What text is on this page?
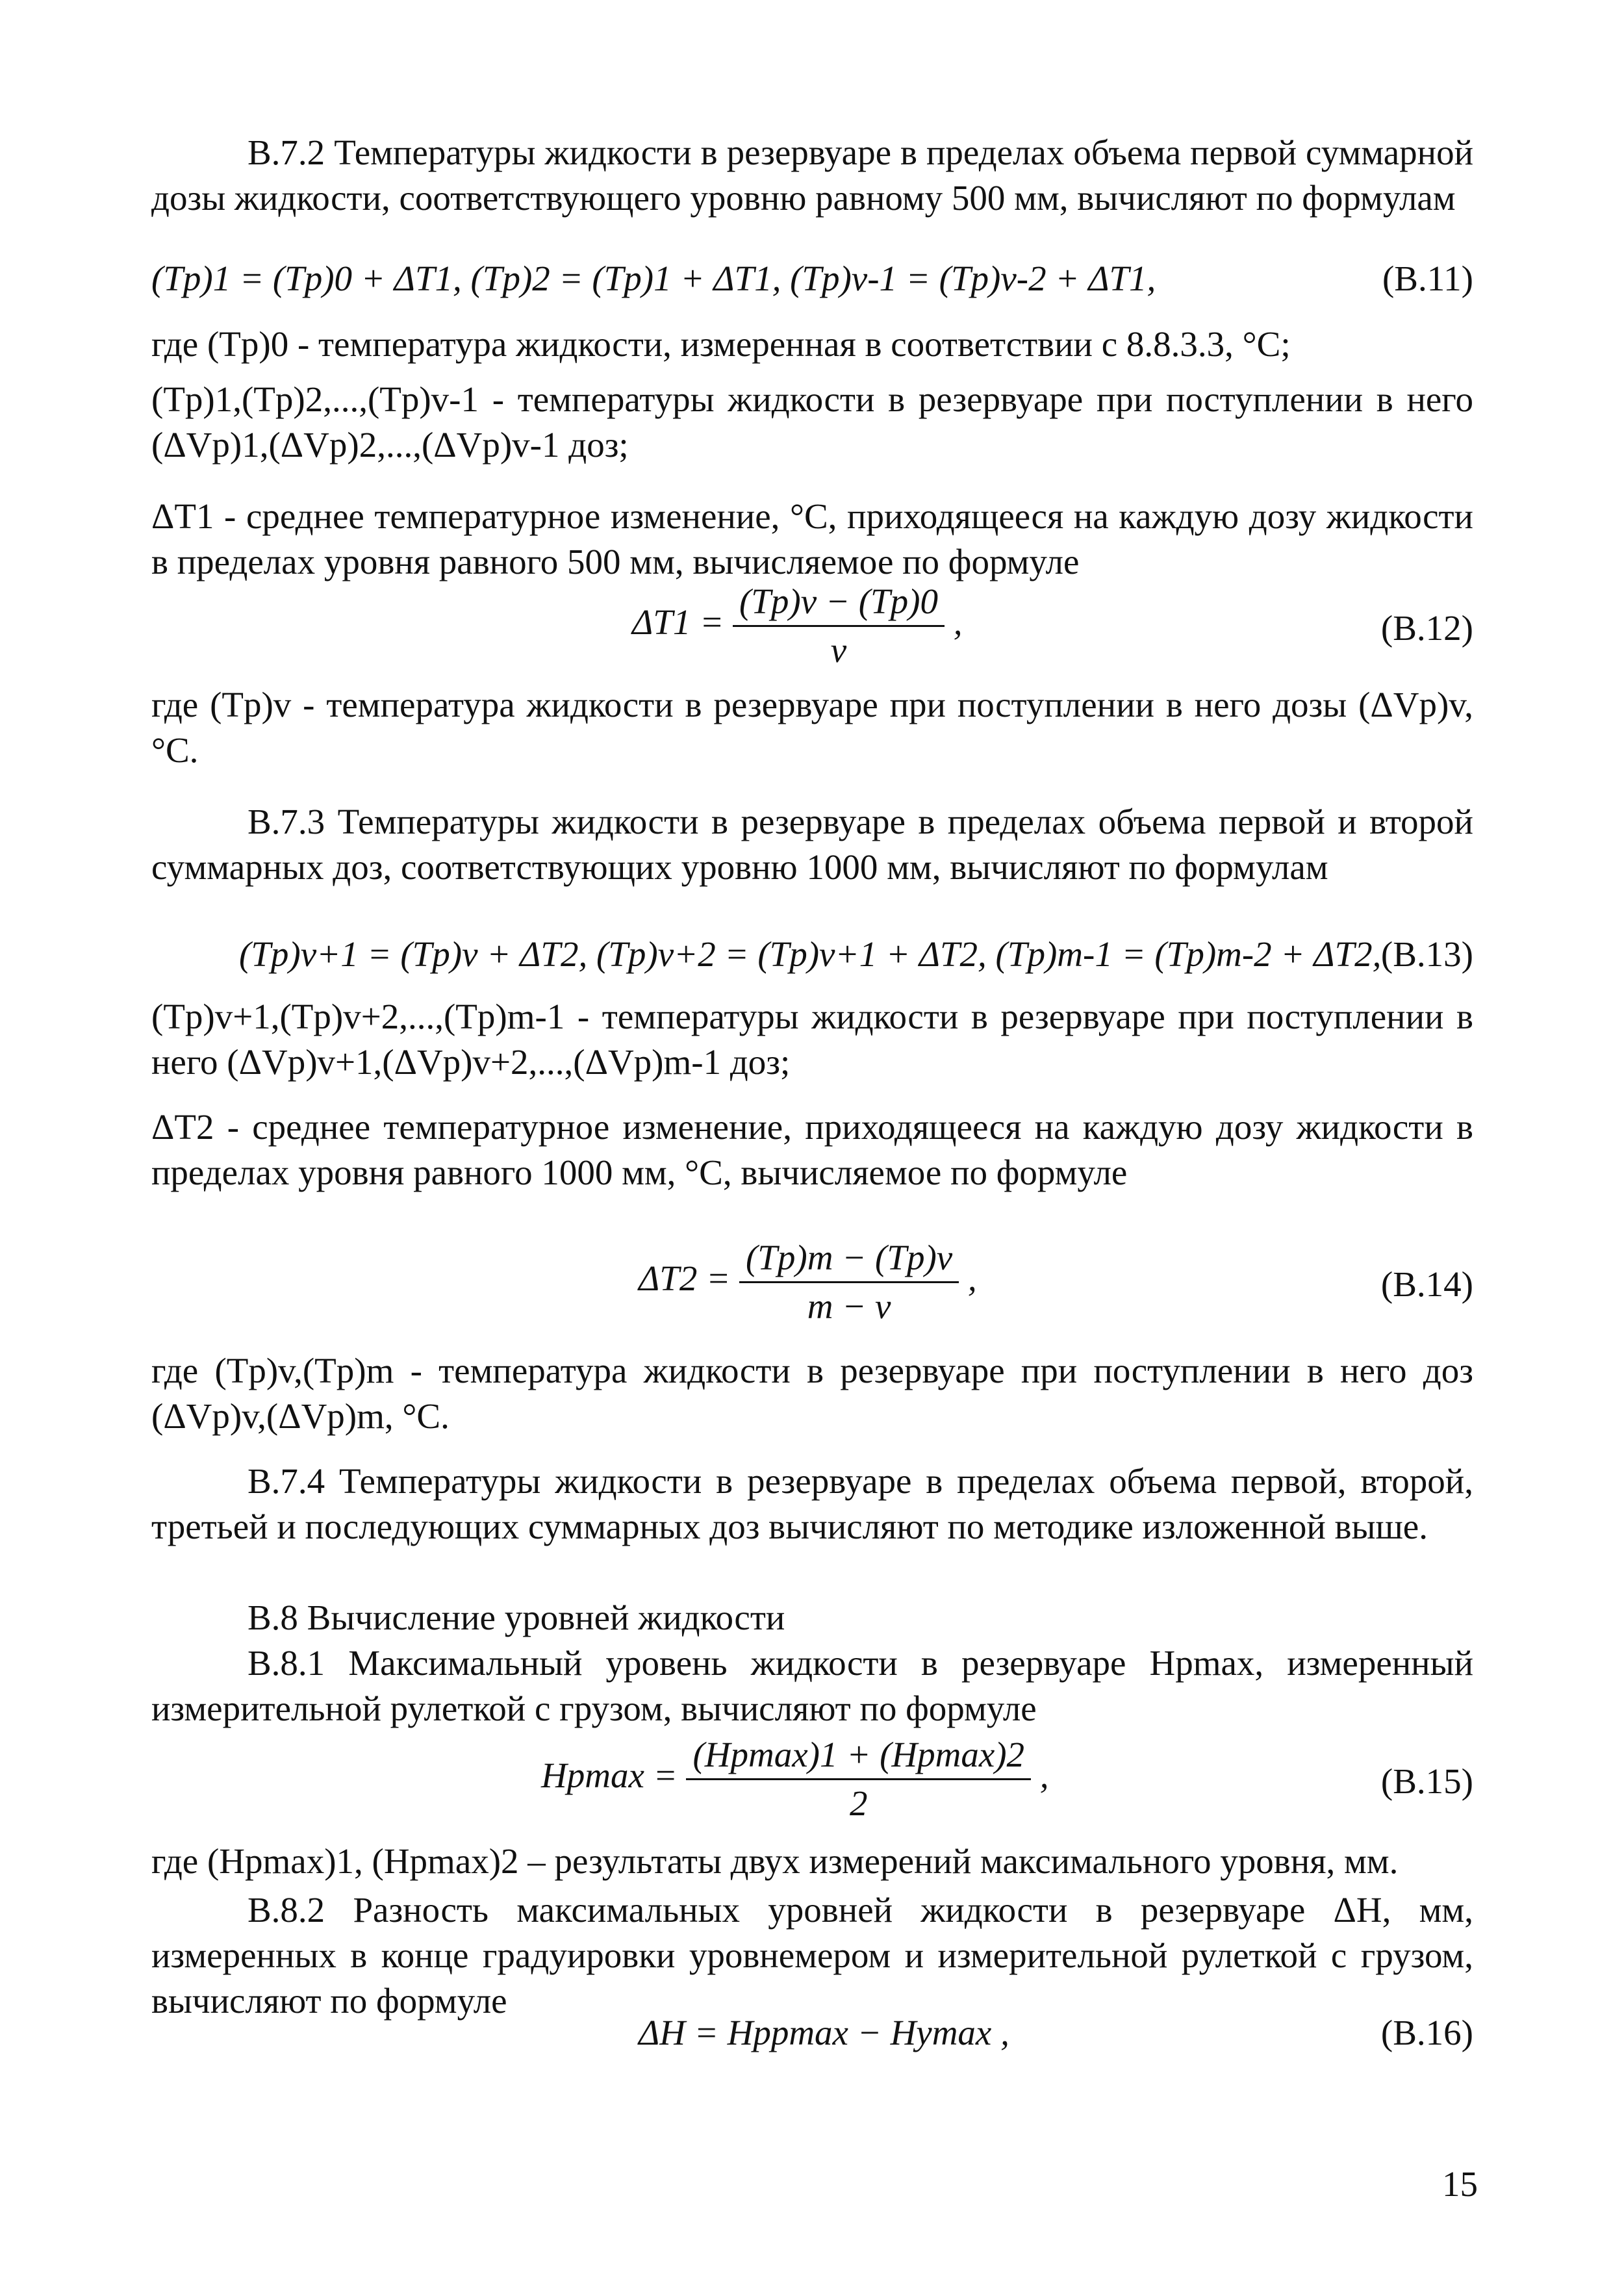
В.7.2 Температуры жидкости в резервуаре в пределах объема первой суммарной дозы жидкости, соответствующего уровню равному 500 мм, вычисляют по формулам

(Tp)1 = (Tp)0 + ΔT1, (Tp)2 = (Tp)1 + ΔT1, (Tp)v-1 = (Tp)v-2 + ΔT1,	(B.11)

где (Tp)0 - температура жидкости, измеренная в соответствии с 8.8.3.3, °С;

(Tp)1,(Tp)2,...,(Tp)v-1 - температуры жидкости в резервуаре при поступлении в него (ΔVp)1,(ΔVp)2,...,(ΔVp)v-1 доз;

ΔT1 - среднее температурное изменение, °С, приходящееся на каждую дозу жидкости в пределах уровня равного 500 мм, вычисляемое по формуле

$\Delta T1 = \frac{(Tp)v - (Tp)0}{v}$ ,	(B.12)

где (Tp)v - температура жидкости в резервуаре при поступлении в него дозы (ΔVp)v, °С.

В.7.3 Температуры жидкости в резервуаре в пределах объема первой и второй суммарных доз, соответствующих уровню 1000 мм, вычисляют по формулам

(Tp)v+1 = (Tp)v + ΔT2, (Tp)v+2 = (Tp)v+1 + ΔT2, (Tp)m-1 = (Tp)m-2 + ΔT2, (B.13)

(Tp)v+1,(Tp)v+2,...,(Tp)m-1 - температуры жидкости в резервуаре при поступлении в него (ΔVp)v+1,(ΔVp)v+2,...,(ΔVp)m-1 доз;

ΔT2 - среднее температурное изменение, приходящееся на каждую дозу жидкости в пределах уровня равного 1000 мм, °С, вычисляемое по формуле

$\Delta T2 = \frac{(Tp)m - (Tp)v}{m - v}$ ,	(B.14)

где (Tp)v,(Tp)m - температура жидкости в резервуаре при поступлении в него доз (ΔVp)v,(ΔVp)m, °С.

В.7.4 Температуры жидкости в резервуаре в пределах объема первой, второй, третьей и последующих суммарных доз вычисляют по методике изложенной выше.

В.8 Вычисление уровней жидкости

В.8.1 Максимальный уровень жидкости в резервуаре Hpmax, измеренный измерительной рулеткой с грузом, вычисляют по формуле

$Hpmax = \frac{(Hpmax)1 + (Hpmax)2}{2}$ ,	(B.15)

где (Hpmax)1, (Hpmax)2 – результаты двух измерений максимального уровня, мм.

В.8.2 Разность максимальных уровней жидкости в резервуаре ΔH, мм, измеренных в конце градуировки уровнемером и измерительной рулеткой с грузом, вычисляют по формуле

ΔH = Hppmax − Hymax ,	(B.16)
15
